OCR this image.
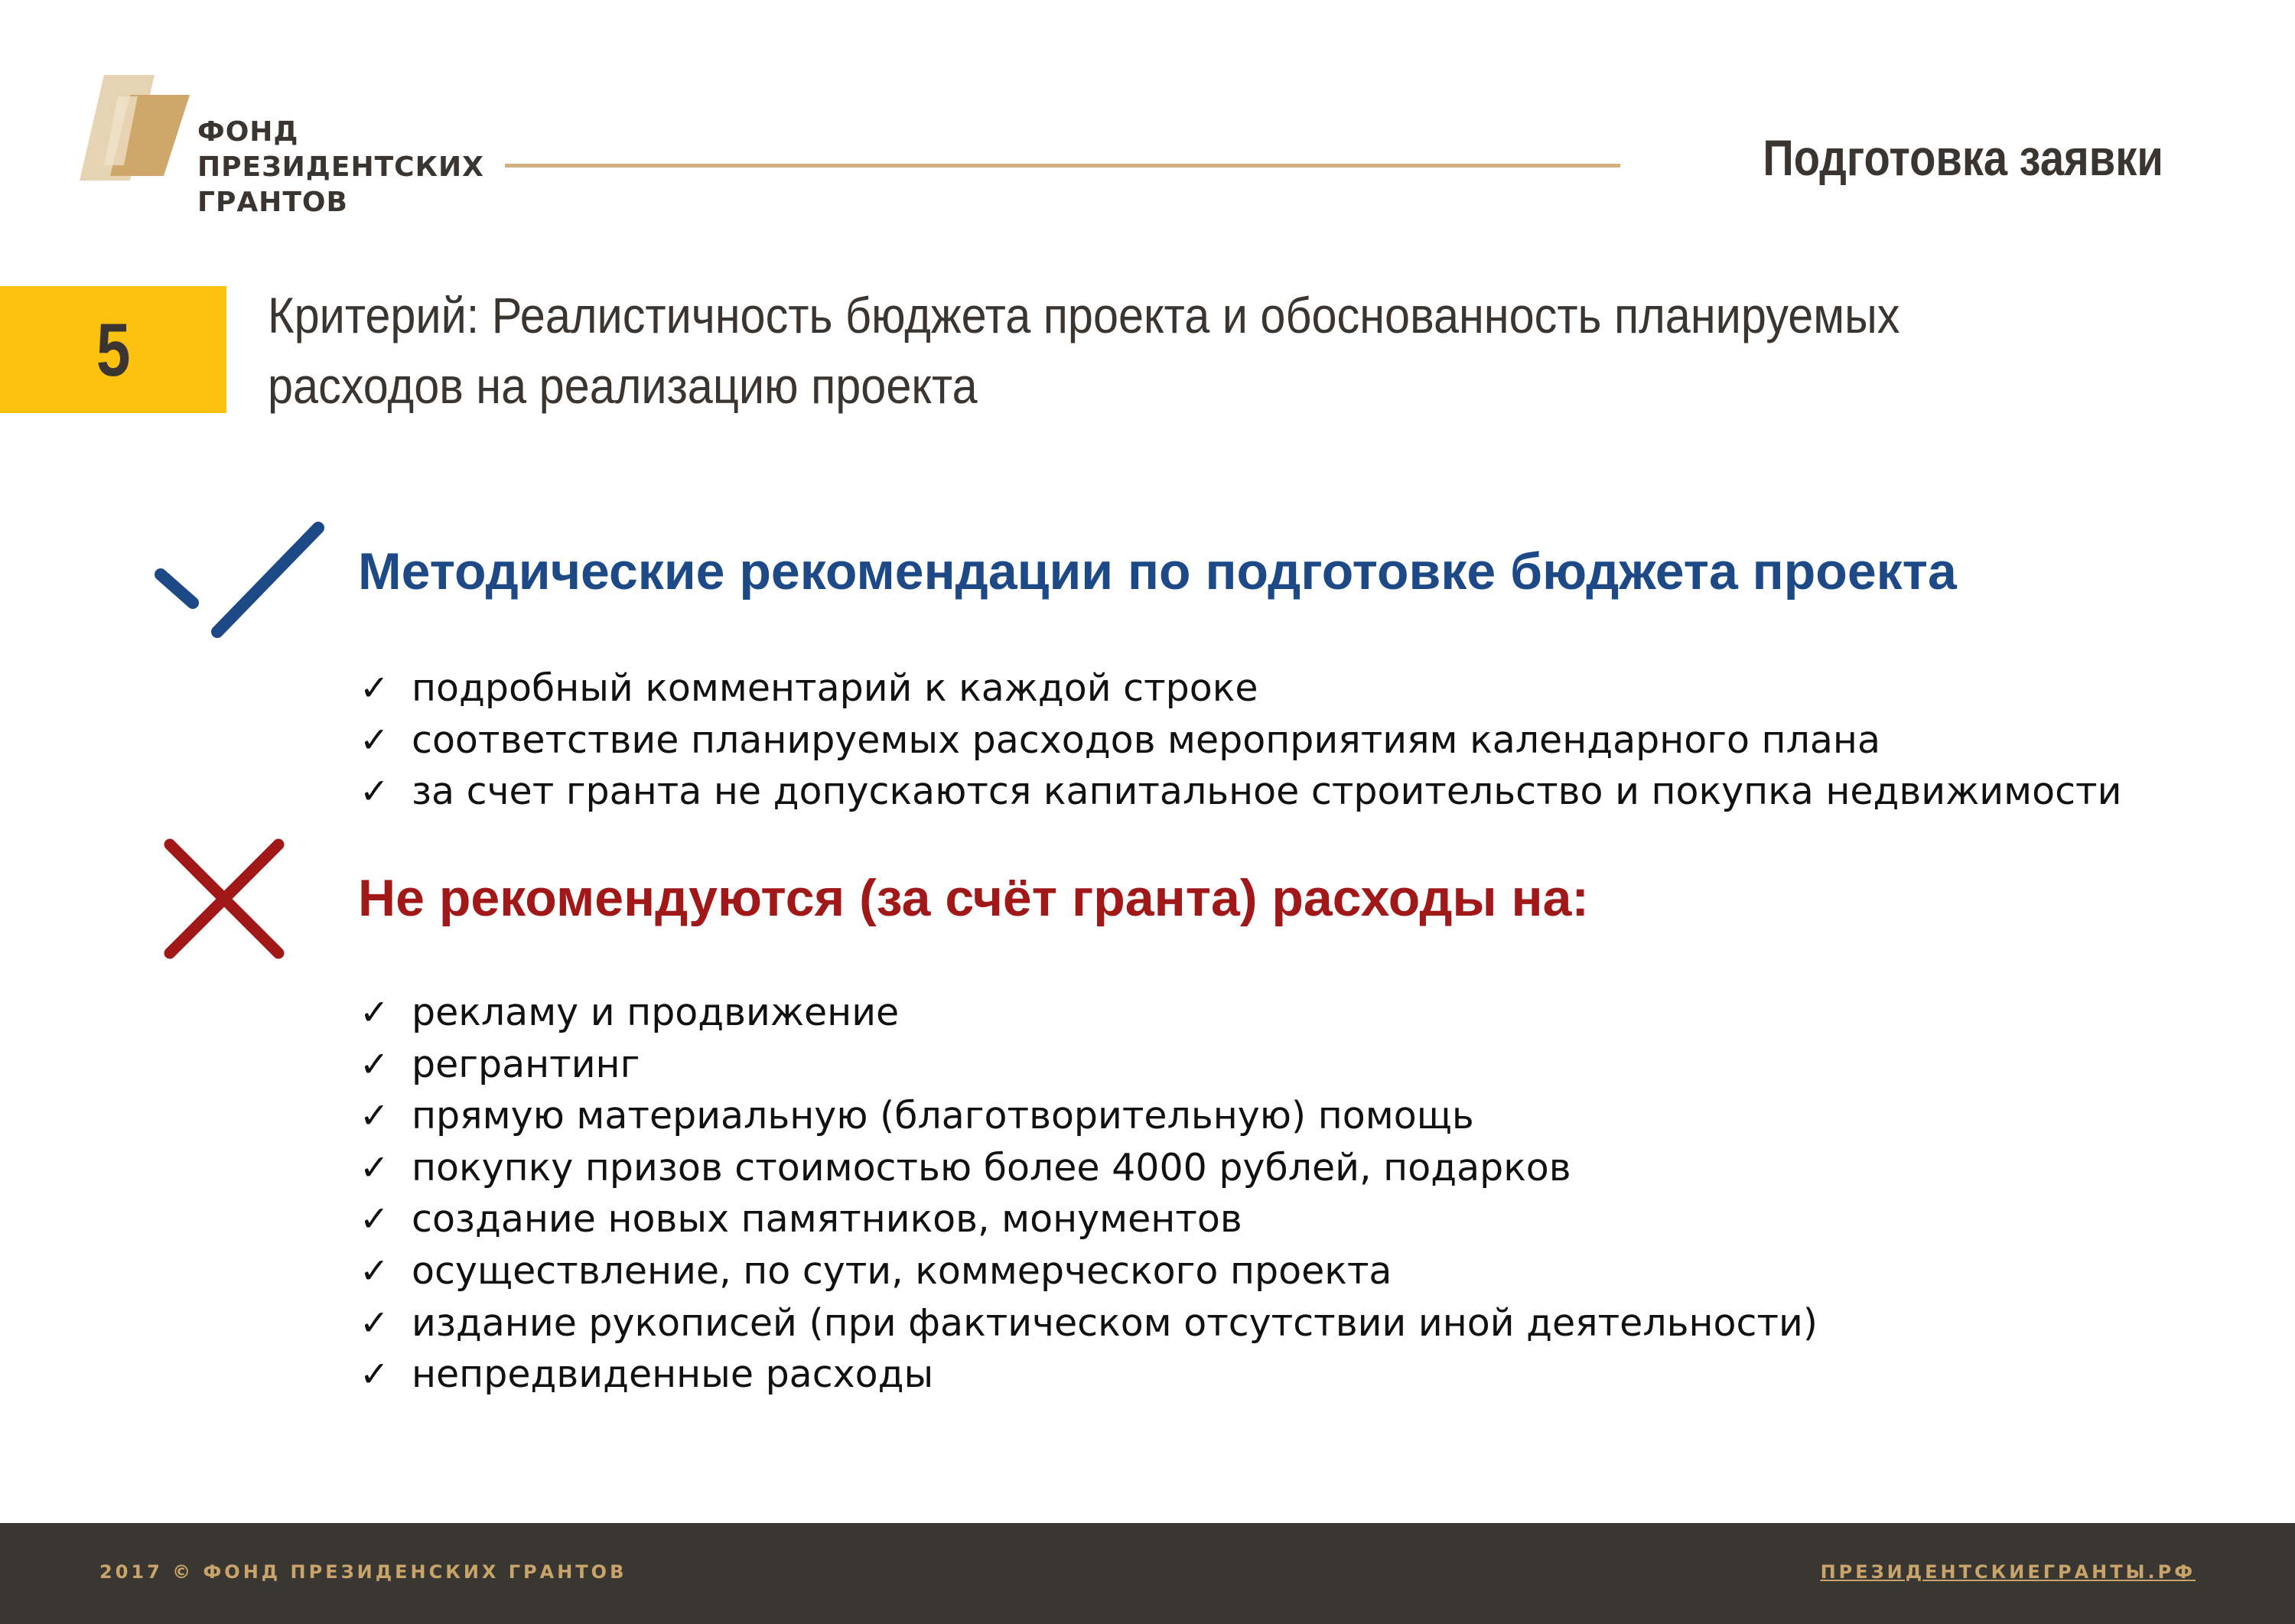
ФОНД
ПРЕЗИДЕНТСКИХ
ГРАНТОВ
Подготовка заявки
5	Критерий: Реалистичность бюджета проекта и обоснованность планируемых расходов на реализацию проекта
Методические рекомендации по подготовке бюджета проекта
✓ подробный комментарий к каждой строке
✓ соответствие планируемых расходов мероприятиям календарного плана
✓ за счет гранта не допускаются капитальное строительство и покупка недвижимости
Не рекомендуются (за счёт гранта) расходы на:
✓ рекламу и продвижение
✓ регрантинг
✓ прямую материальную (благотворительную) помощь
✓ покупку призов стоимостью более 4000 рублей, подарков
✓ создание новых памятников, монументов
✓ осуществление, по сути, коммерческого проекта
✓ издание рукописей (при фактическом отсутствии иной деятельности)
✓ непредвиденные расходы
2017 © ФОНД ПРЕЗИДЕНСКИХ ГРАНТОВ	ПРЕЗИДЕНТСКИЕГРАНТЫ.РФ
